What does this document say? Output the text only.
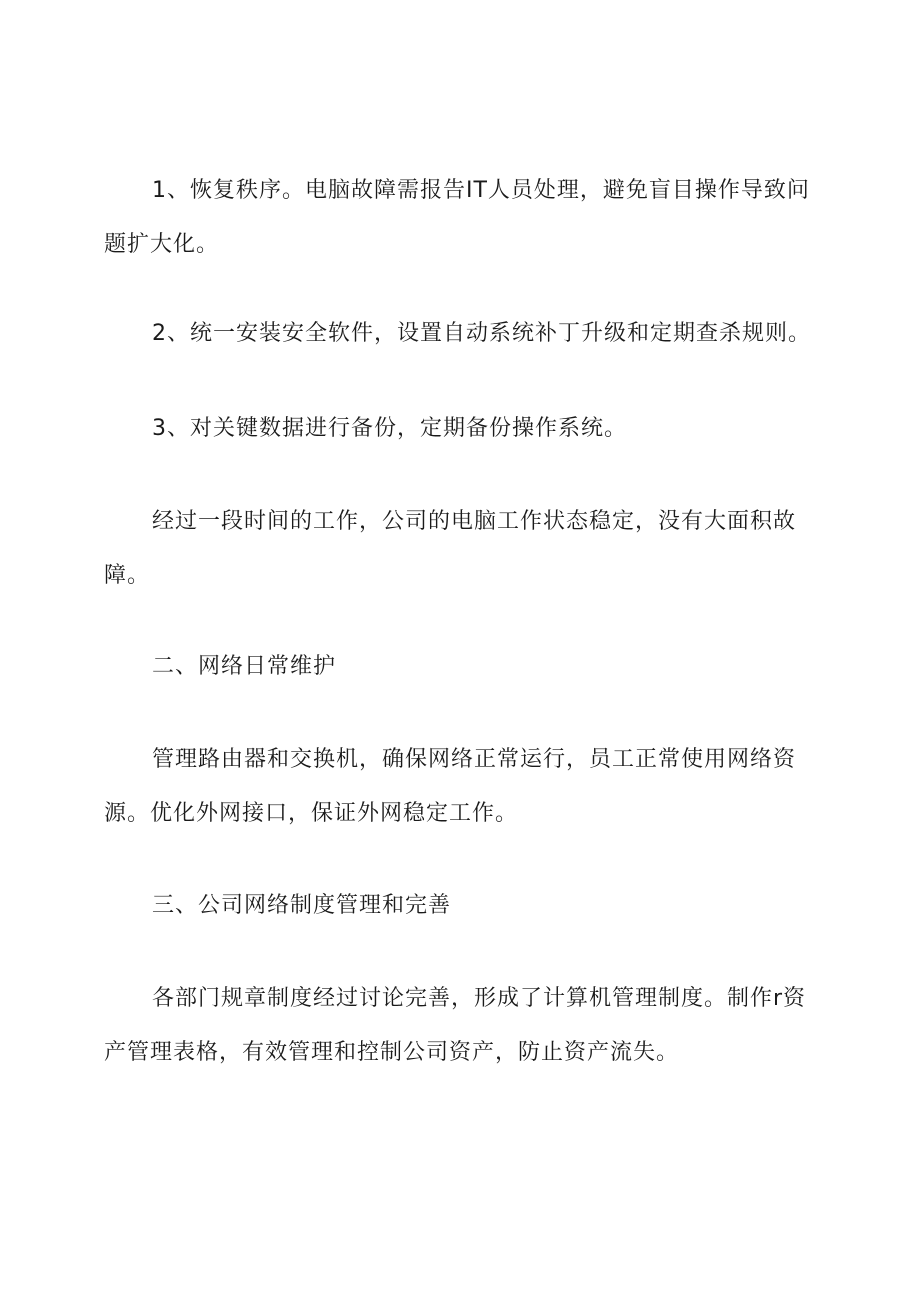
1、恢复秩序。电脑故障需报告IT人员处理，避免盲目操作导致问题扩大化。

2、统一安装安全软件，设置自动系统补丁升级和定期查杀规则。

3、对关键数据进行备份，定期备份操作系统。

经过一段时间的工作，公司的电脑工作状态稳定，没有大面积故障。

二、网络日常维护

管理路由器和交换机，确保网络正常运行，员工正常使用网络资源。优化外网接口，保证外网稳定工作。

三、公司网络制度管理和完善

各部门规章制度经过讨论完善，形成了计算机管理制度。制作r资产管理表格，有效管理和控制公司资产，防止资产流失。
